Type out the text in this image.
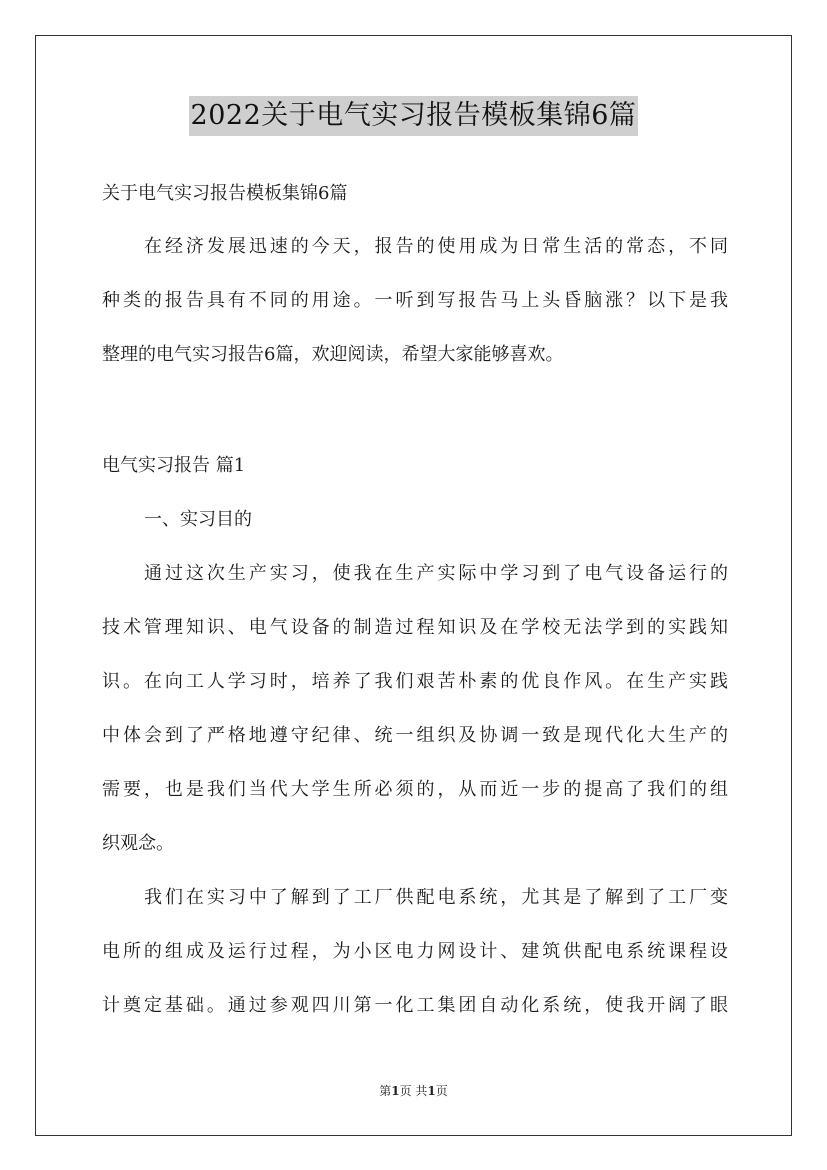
2022关于电气实习报告模板集锦6篇
关于电气实习报告模板集锦6篇
在经济发展迅速的今天，报告的使用成为日常生活的常态，不同
种类的报告具有不同的用途。一听到写报告马上头昏脑涨？以下是我
整理的电气实习报告6篇，欢迎阅读，希望大家能够喜欢。
电气实习报告 篇1
一、实习目的
通过这次生产实习，使我在生产实际中学习到了电气设备运行的
技术管理知识、电气设备的制造过程知识及在学校无法学到的实践知
识。在向工人学习时，培养了我们艰苦朴素的优良作风。在生产实践
中体会到了严格地遵守纪律、统一组织及协调一致是现代化大生产的
需要，也是我们当代大学生所必须的，从而近一步的提高了我们的组
织观念。
我们在实习中了解到了工厂供配电系统，尤其是了解到了工厂变
电所的组成及运行过程，为小区电力网设计、建筑供配电系统课程设
计奠定基础。通过参观四川第一化工集团自动化系统，使我开阔了眼
第1页 共1页
